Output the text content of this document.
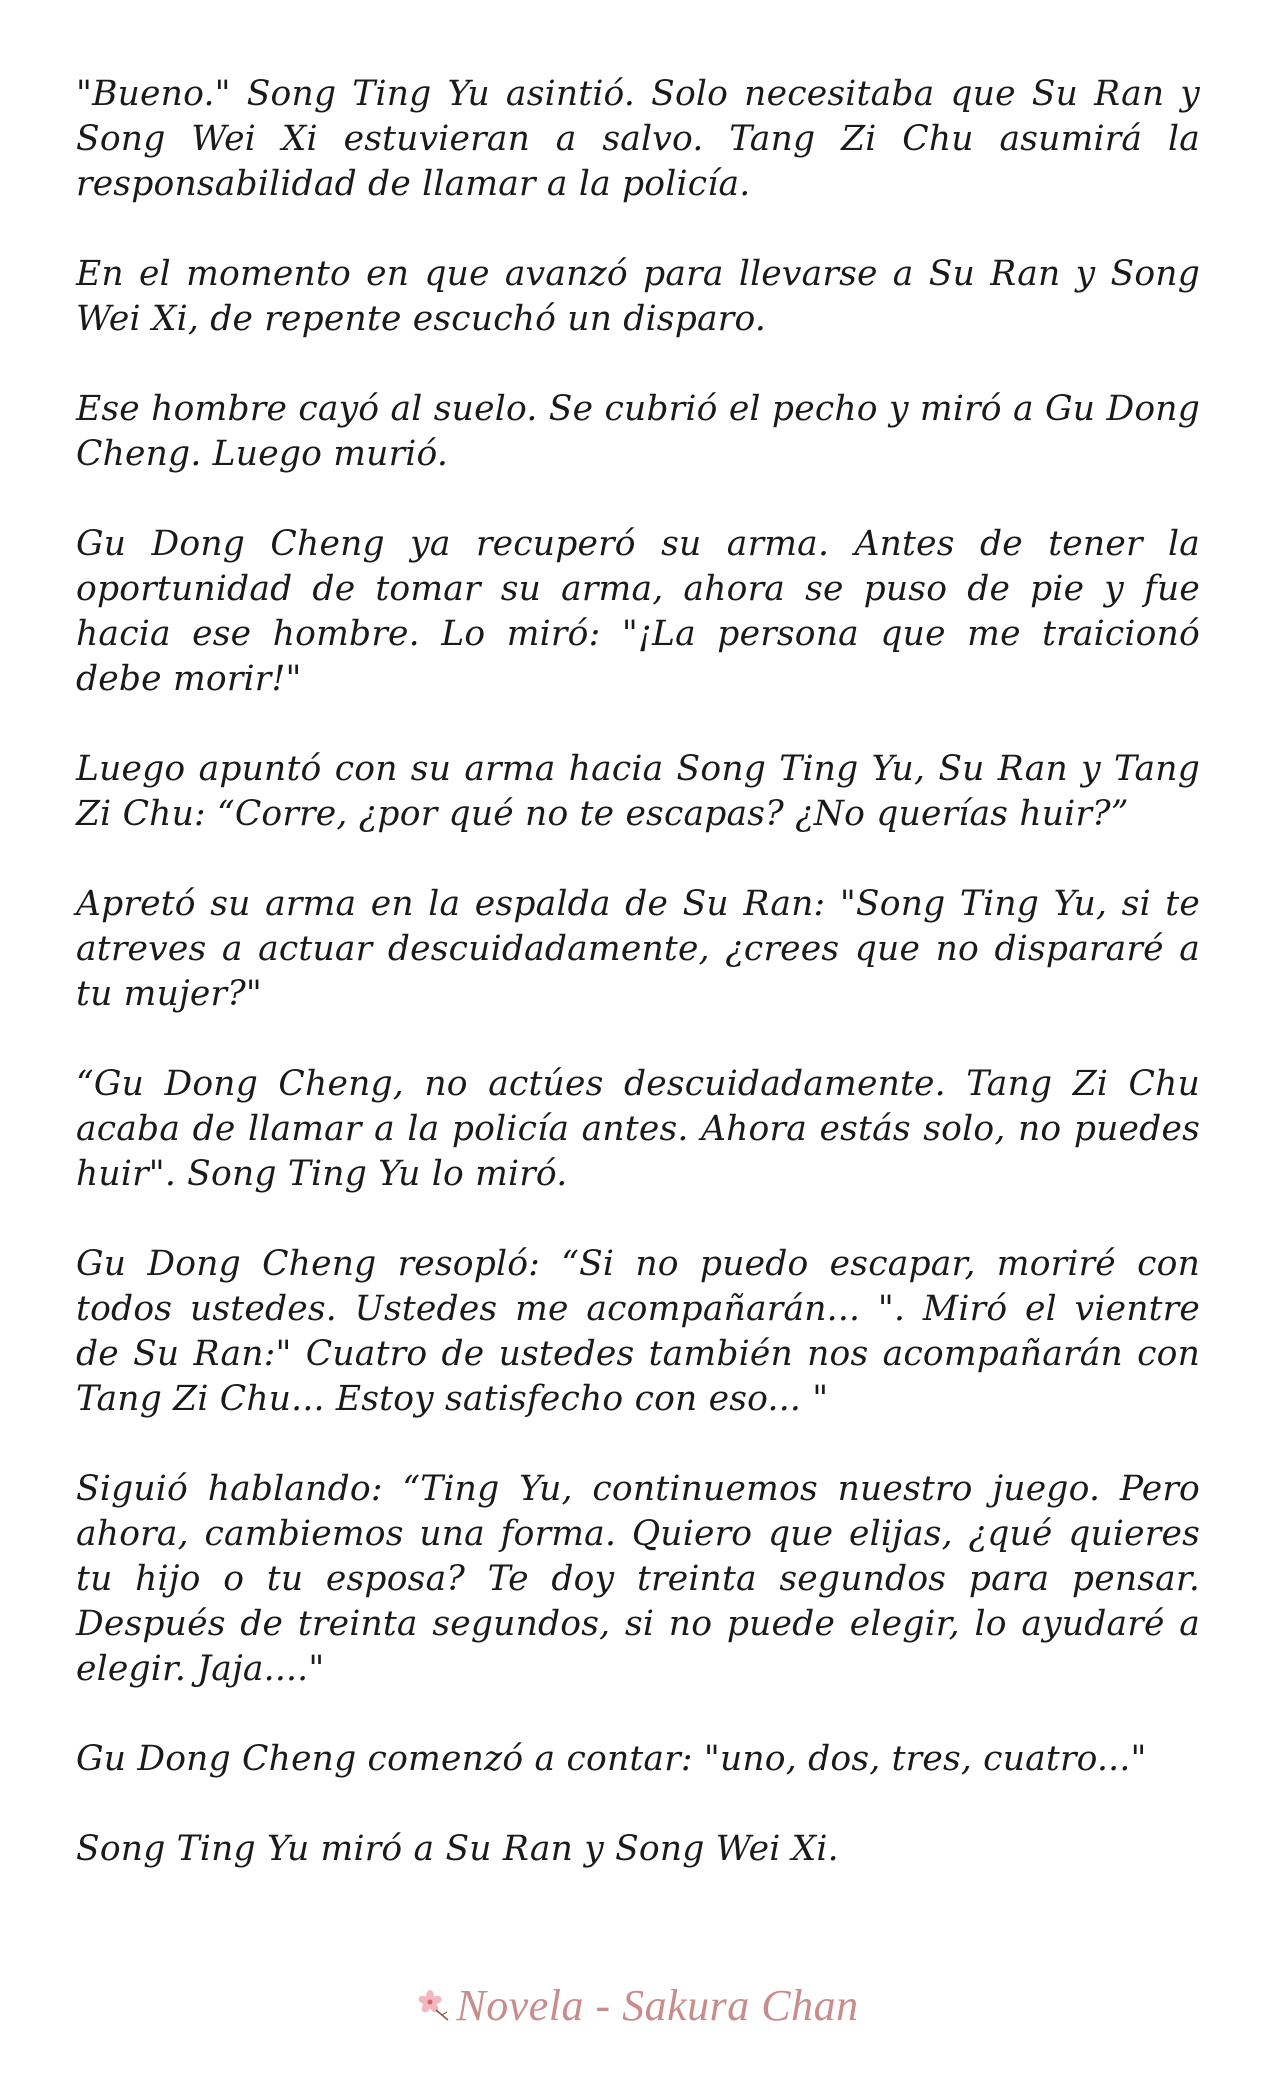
"Bueno." Song Ting Yu asintió. Solo necesitaba que Su Ran y Song Wei Xi estuvieran a salvo. Tang Zi Chu asumirá la responsabilidad de llamar a la policía.

En el momento en que avanzó para llevarse a Su Ran y Song Wei Xi, de repente escuchó un disparo.

Ese hombre cayó al suelo. Se cubrió el pecho y miró a Gu Dong Cheng. Luego murió.

Gu Dong Cheng ya recuperó su arma. Antes de tener la oportunidad de tomar su arma, ahora se puso de pie y fue hacia ese hombre. Lo miró: "¡La persona que me traicionó debe morir!"

Luego apuntó con su arma hacia Song Ting Yu, Su Ran y Tang Zi Chu: “Corre, ¿por qué no te escapas? ¿No querías huir?”

Apretó su arma en la espalda de Su Ran: "Song Ting Yu, si te atreves a actuar descuidadamente, ¿crees que no dispararé a tu mujer?"

“Gu Dong Cheng, no actúes descuidadamente. Tang Zi Chu acaba de llamar a la policía antes. Ahora estás solo, no puedes huir". Song Ting Yu lo miró.

Gu Dong Cheng resopló: “Si no puedo escapar, moriré con todos ustedes. Ustedes me acompañarán... ". Miró el vientre de Su Ran:" Cuatro de ustedes también nos acompañarán con Tang Zi Chu... Estoy satisfecho con eso... "

Siguió hablando: “Ting Yu, continuemos nuestro juego. Pero ahora, cambiemos una forma. Quiero que elijas, ¿qué quieres tu hijo o tu esposa? Te doy treinta segundos para pensar. Después de treinta segundos, si no puede elegir, lo ayudaré a elegir. Jaja...."

Gu Dong Cheng comenzó a contar: "uno, dos, tres, cuatro..."

Song Ting Yu miró a Su Ran y Song Wei Xi.

Novela - Sakura Chan
